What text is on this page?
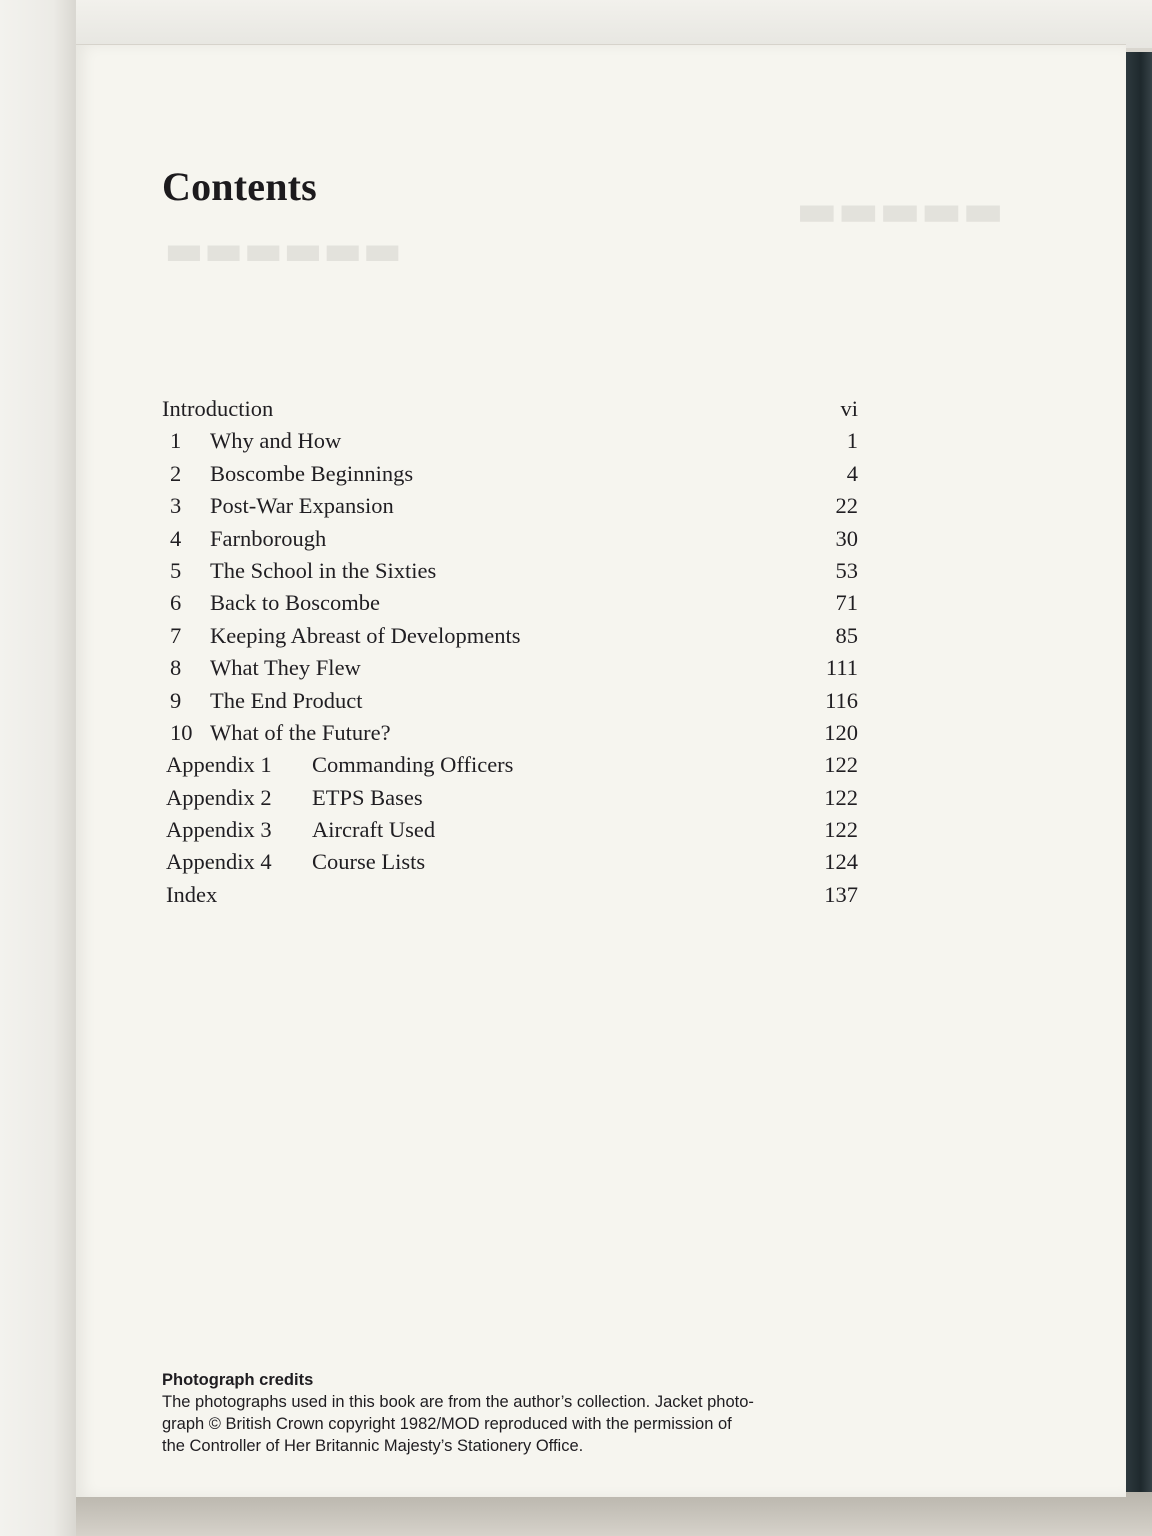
▬▬▬▬▬
▬▬▬▬▬▬
Contents
Introduction	vi
1	Why and How	1
2	Boscombe Beginnings	4
3	Post-War Expansion	22
4	Farnborough	30
5	The School in the Sixties	53
6	Back to Boscombe	71
7	Keeping Abreast of Developments	85
8	What They Flew	111
9	The End Product	116
10 What of the Future?	120
Appendix 1 Commanding Officers	122
Appendix 2 ETPS Bases	122
Appendix 3 Aircraft Used	122
Appendix 4 Course Lists	124
Index	137
Photograph credits
The photographs used in this book are from the author’s collection. Jacket photo-
graph © British Crown copyright 1982/MOD reproduced with the permission of
the Controller of Her Britannic Majesty’s Stationery Office.
